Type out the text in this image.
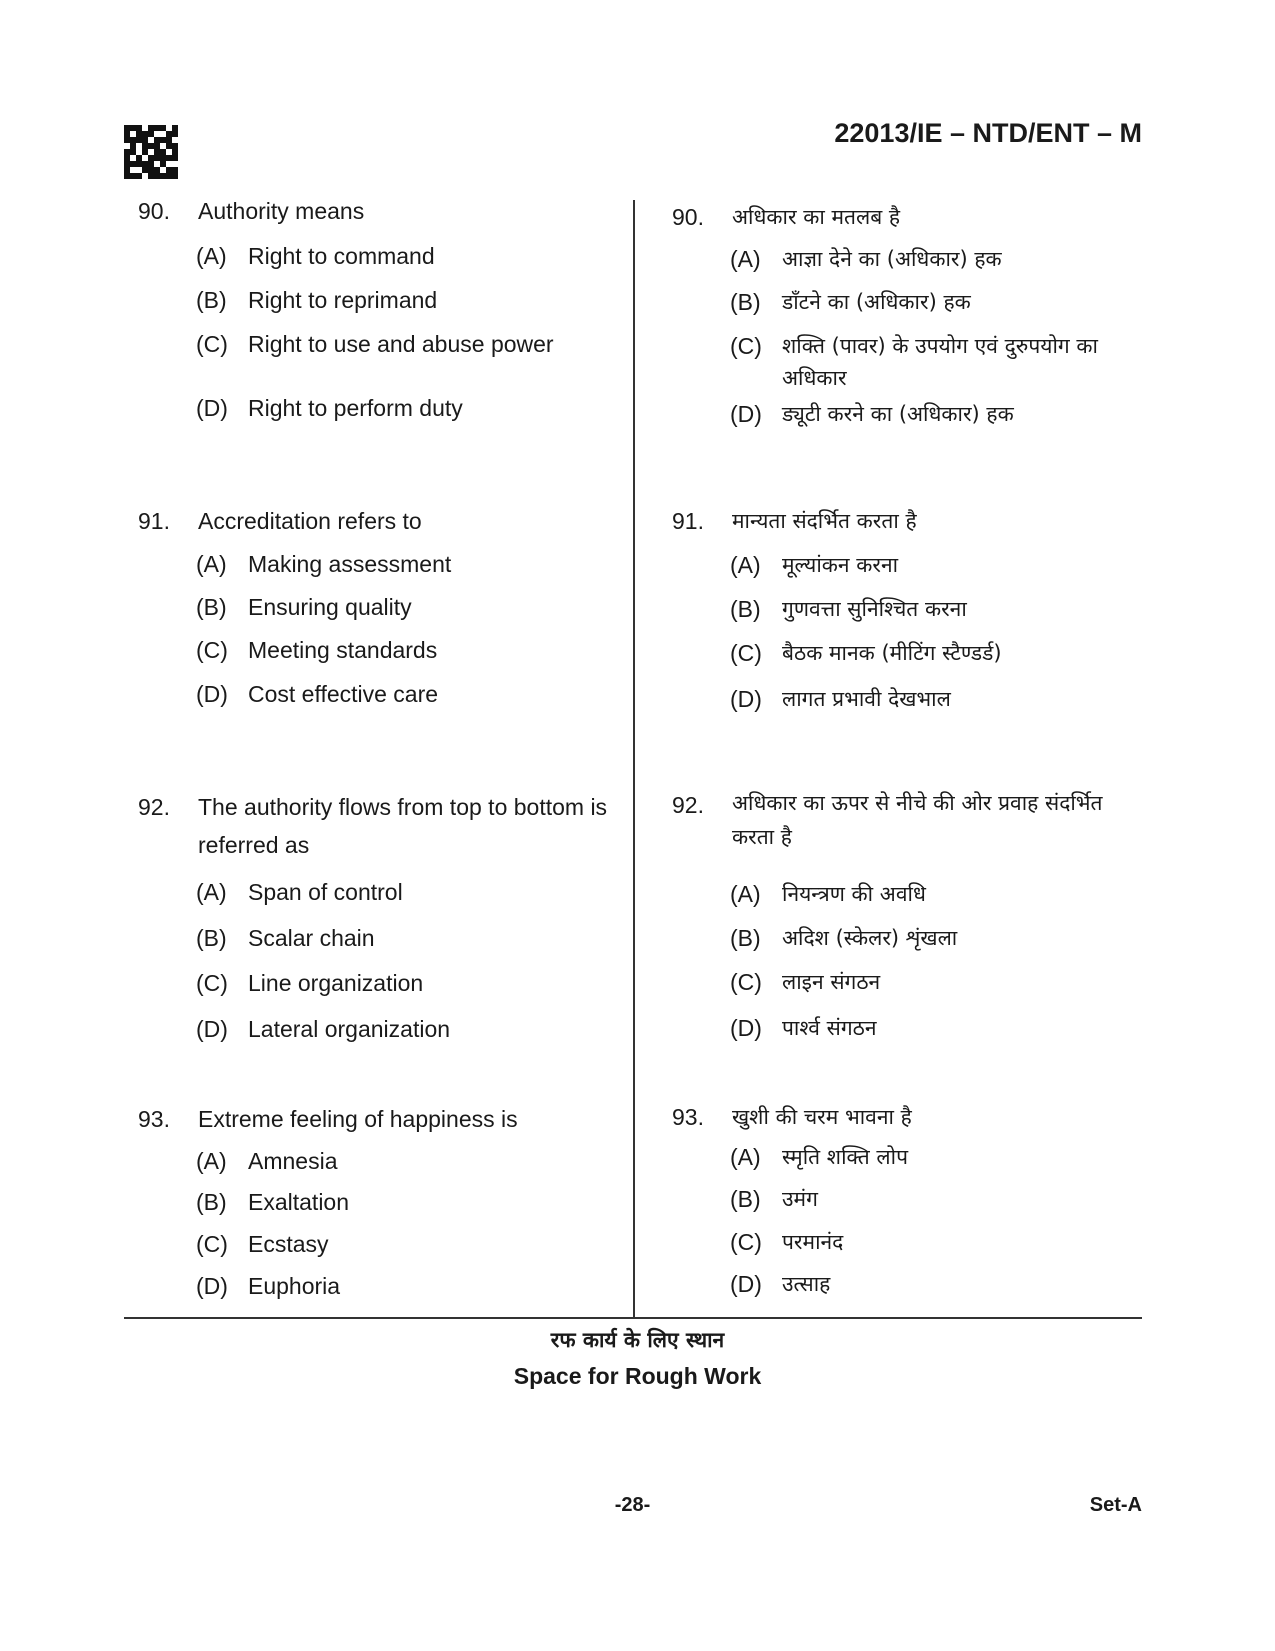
22013/IE – NTD/ENT – M
90.	Authority means
(A) Right to command
(B) Right to reprimand
(C) Right to use and abuse power
(D) Right to perform duty
91.	Accreditation refers to
(A) Making assessment
(B) Ensuring quality
(C) Meeting standards
(D) Cost effective care
92.	The authority flows from top to bottom is referred as
(A) Span of control
(B) Scalar chain
(C) Line organization
(D) Lateral organization
93.	Extreme feeling of happiness is
(A) Amnesia
(B) Exaltation
(C) Ecstasy
(D) Euphoria
90.	अधिकार का मतलब है
(A)	आज्ञा देने का (अधिकार) हक
(B)	डाँटने का (अधिकार) हक
(C) शक्ति (पावर) के उपयोग एवं दुरुपयोग का अधिकार
(D) ड्यूटी करने का (अधिकार) हक
91.	मान्यता संदर्भित करता है
(A)	मूल्यांकन करना
(B)	गुणवत्ता सुनिश्चित करना
(C) बैठक मानक (मीटिंग स्टैण्डर्ड)
(D) लागत प्रभावी देखभाल
92.	अधिकार का ऊपर से नीचे की ओर प्रवाह संदर्भित करता है
(A)	नियन्त्रण की अवधि
(B)	अदिश (स्केलर) शृंखला
(C) लाइन संगठन
(D) पार्श्व संगठन
93.	खुशी की चरम भावना है
(A)	स्मृति शक्ति लोप
(B)	उमंग
(C) परमानंद
(D) उत्साह
रफ कार्य के लिए स्थान
Space for Rough Work
-28-	Set-A
